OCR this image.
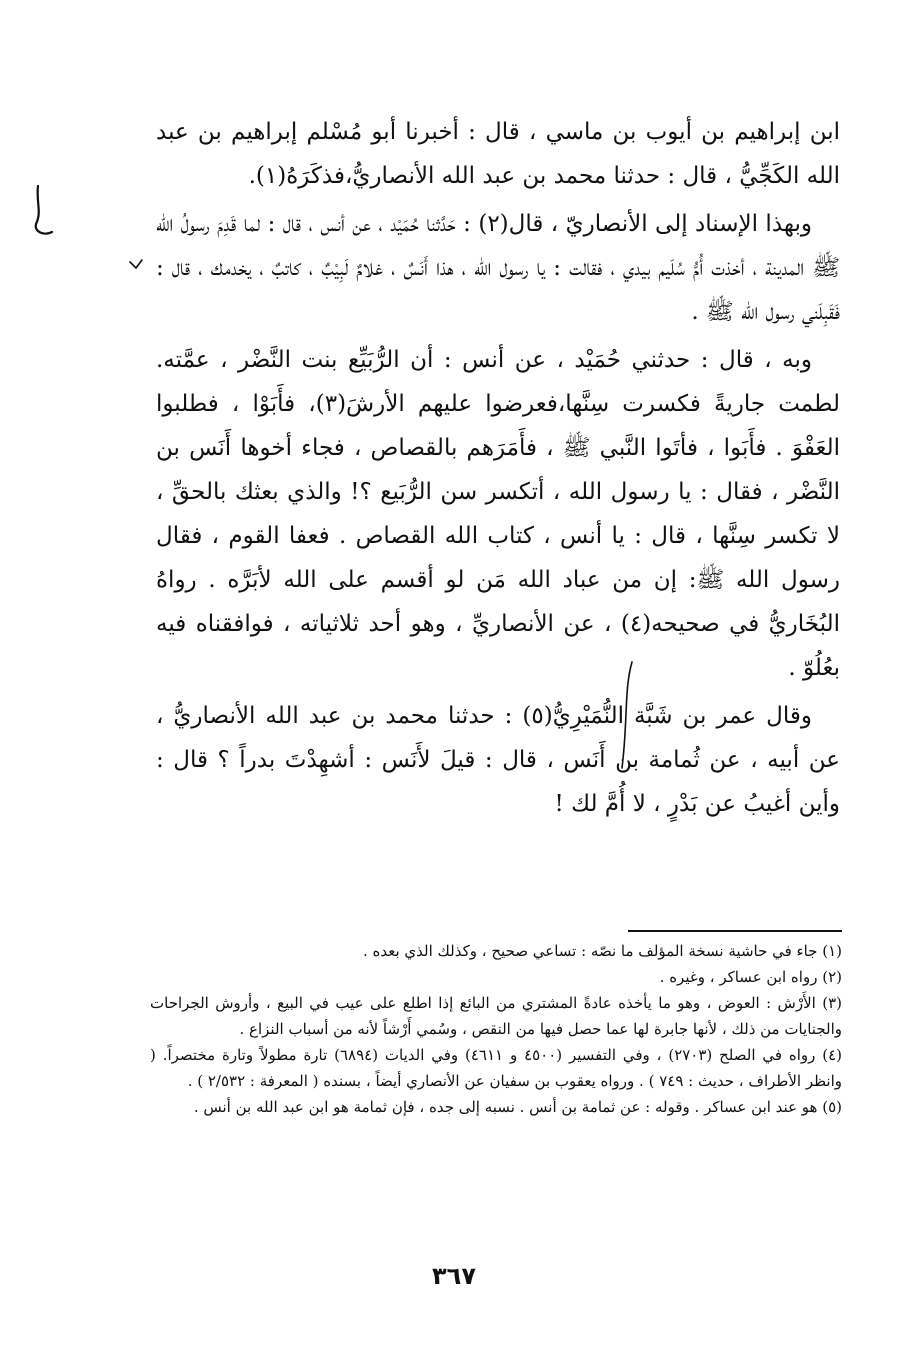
ابن إبراهيم بن أيوب بن ماسي ، قال : أخبرنا أبو مُسْلم إبراهيم بن عبد الله الكَجِّيُّ ، قال : حدثنا محمد بن عبد الله الأنصاريُّ،فذكَرَهُ(١).

وبهذا الإسناد إلى الأنصاريّ ، قال(٢) : حَدَّثنا حُمَيْد ، عن أنس ، قال : لما قَدِمَ رسولُ الله ﷺ المدينة ، أخذت أُمُّ سُلَيم بيدي ، فقالت : يا رسول الله ، هذا أَنَسٌ ، غلامٌ لَبِيْبٌ ، كاتبٌ ، يخدمك ، قال : فَقَبِلَني رسول الله ﷺ .

وبه ، قال : حدثني حُمَيْد ، عن أنس : أن الرُّبَيِّع بنت النَّضْر ، عمَّته. لطمت جاريةً فكسرت سِنَّها،فعرضوا عليهم الأرشَ(٣)، فأَبَوْا ، فطلبوا العَفْوَ . فأَبَوا ، فأتَوا النَّبي ﷺ ، فأَمَرَهم بالقصاص ، فجاء أخوها أَنَس بن النَّضْر ، فقال : يا رسول الله ، أتكسر سن الرُّبَيع ؟! والذي بعثك بالحقِّ ، لا تكسر سِنَّها ، قال : يا أنس ، كتاب الله القصاص . فعفا القوم ، فقال رسول الله ﷺ: إن من عباد الله مَن لو أقسم على الله لأبَرَّه . رواهُ البُخَاريُّ في صحيحه(٤) ، عن الأنصاريِّ ، وهو أحد ثلاثياته ، فوافقناه فيه بعُلُوّ .

وقال عمر بن شَبَّة النُّمَيْرِيُّ(٥) : حدثنا محمد بن عبد الله الأنصاريُّ ، عن أبيه ، عن ثُمامة بن أَنَس ، قال : قيلَ لأَنَس : أشهِدْتَ بدراً ؟ قال : وأين أغيبُ عن بَدْرٍ ، لا أُمَّ لك !

(١) جاء في حاشية نسخة المؤلف ما نصّه : تساعي صحيح ، وكذلك الذي بعده .

(٢) رواه ابن عساكر ، وغيره .

(٣) الأَرْش : العوض ، وهو ما يأخذه عادةً المشتري من البائع إذا اطلع على عيب في البيع ، وأروش الجراحات والجنايات من ذلك ، لأنها جابرة لها عما حصل فيها من النقص ، وسُمي أَرْشاً لأنه من أسباب النزاع .

(٤) رواه في الصلح (٢٧٠٣) ، وفي التفسير (٤٥٠٠ و ٤٦١١) وفي الديات (٦٨٩٤) تارة مطولاً وتارة مختصراً. ( وانظر الأطراف ، حديث : ٧٤٩ ) . ورواه يعقوب بن سفيان عن الأنصاري أيضاً ، بسنده ( المعرفة : ٢/٥٣٢ ) .

(٥) هو عند ابن عساكر . وقوله : عن ثمامة بن أنس . نسبه إلى جده ، فإن ثمامة هو ابن عبد الله بن أنس .

٣٦٧
